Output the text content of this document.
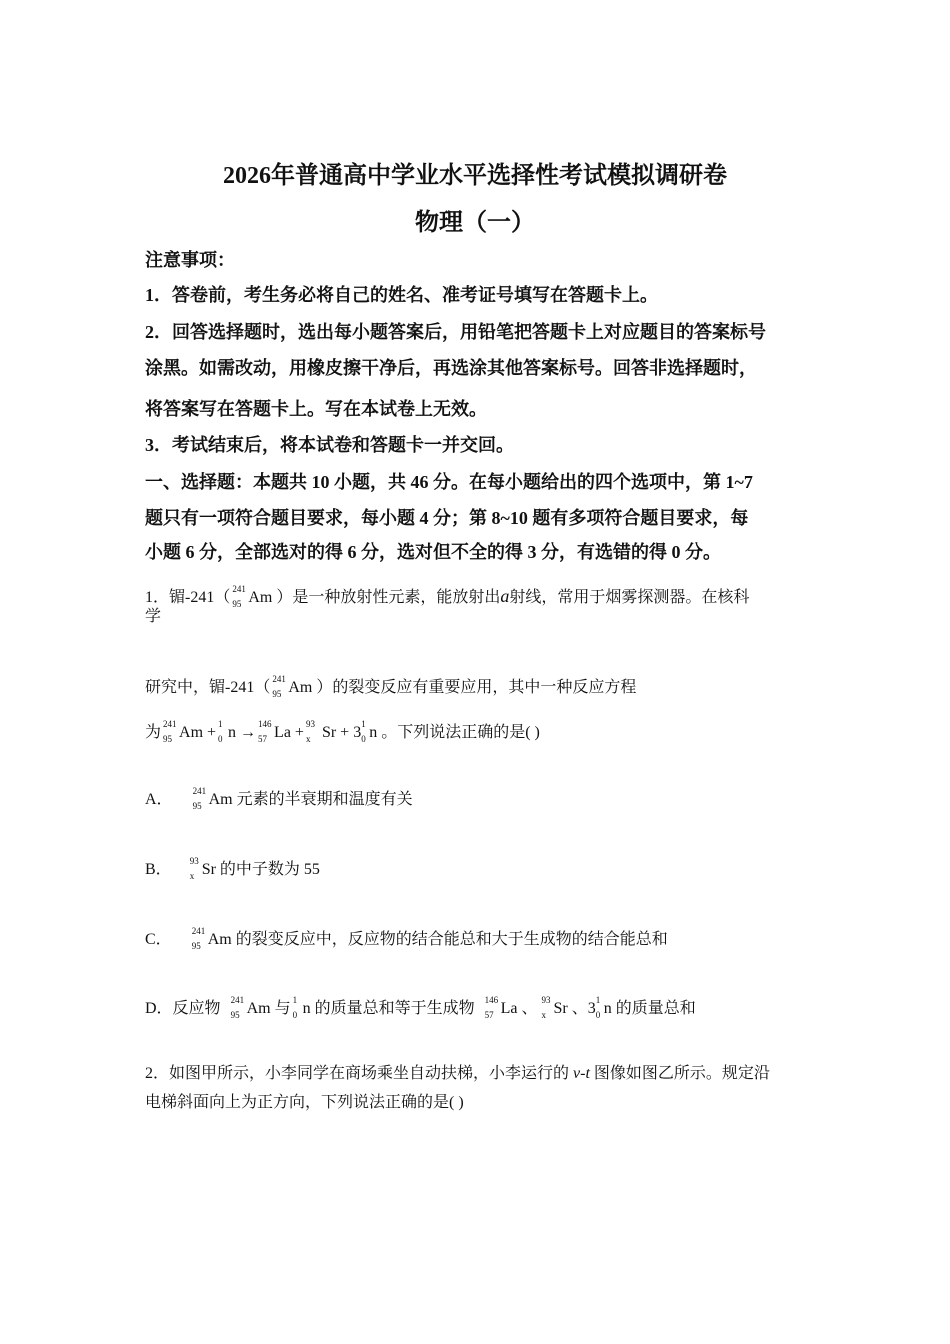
2026年普通高中学业水平选择性考试模拟调研卷
物理（一）
注意事项：
1．答卷前，考生务必将自己的姓名、准考证号填写在答题卡上。
2．回答选择题时，选出每小题答案后，用铅笔把答题卡上对应题目的答案标号
涂黑。如需改动，用橡皮擦干净后，再选涂其他答案标号。回答非选择题时，
将答案写在答题卡上。写在本试卷上无效。
3．考试结束后，将本试卷和答题卡一并交回。
一、选择题：本题共 10 小题，共 46 分。在每小题给出的四个选项中，第 1~7
题只有一项符合题目要求，每小题 4 分；第 8~10 题有多项符合题目要求，每
小题 6 分，全部选对的得 6 分，选对但不全的得 3 分，有选错的得 0 分。
1．镅-241（ 241
95 Am ）是一种放射性元素，能放射出a射线，常用于烟雾探测器。在核科
学
研究中，镅-241（ 241
95 Am ）的裂变反应有重要应用，其中一种反应方程
为 241
95 Am + 1
0 n → 146
57 La + 93
x Sr + 3 1
0 n 。下列说法正确的是( )
A． 241
95 Am 元素的半衰期和温度有关
B． 93
x Sr 的中子数为 55
C． 241
95 Am 的裂变反应中，反应物的结合能总和大于生成物的结合能总和
D．反应物 241
95 Am 与 1
0 n 的质量总和等于生成物 146
57 La 、 93
x Sr 、3 1
0 n 的质量总和
2．如图甲所示，小李同学在商场乘坐自动扶梯，小李运行的 v-t 图像如图乙所示。规定沿
电梯斜面向上为正方向，下列说法正确的是( )
